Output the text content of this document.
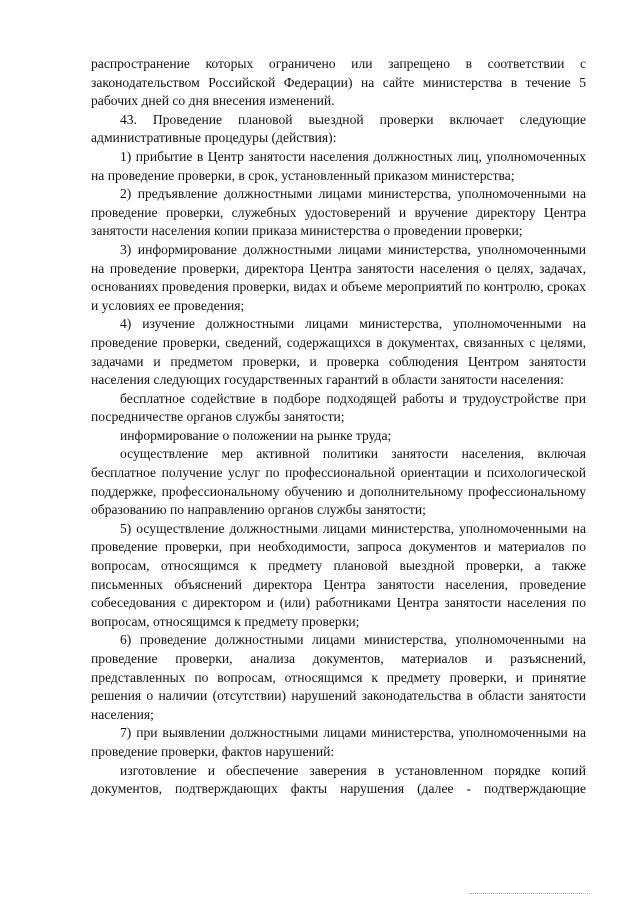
распространение которых ограничено или запрещено в соответствии с законодательством Российской Федерации) на сайте министерства в течение 5 рабочих дней со дня внесения изменений.

43. Проведение плановой выездной проверки включает следующие административные процедуры (действия):

1) прибытие в Центр занятости населения должностных лиц, уполномоченных на проведение проверки, в срок, установленный приказом министерства;

2) предъявление должностными лицами министерства, уполномоченными на проведение проверки, служебных удостоверений и вручение директору Центра занятости населения копии приказа министерства о проведении проверки;

3) информирование должностными лицами министерства, уполномоченными на проведение проверки, директора Центра занятости населения о целях, задачах, основаниях проведения проверки, видах и объеме мероприятий по контролю, сроках и условиях ее проведения;

4) изучение должностными лицами министерства, уполномоченными на проведение проверки, сведений, содержащихся в документах, связанных с целями, задачами и предметом проверки, и проверка соблюдения Центром занятости населения следующих государственных гарантий в области занятости населения:

бесплатное содействие в подборе подходящей работы и трудоустройстве при посредничестве органов службы занятости;

информирование о положении на рынке труда;

осуществление мер активной политики занятости населения, включая бесплатное получение услуг по профессиональной ориентации и психологической поддержке, профессиональному обучению и дополнительному профессиональному образованию по направлению органов службы занятости;

5) осуществление должностными лицами министерства, уполномоченными на проведение проверки, при необходимости, запроса документов и материалов по вопросам, относящимся к предмету плановой выездной проверки, а также письменных объяснений директора Центра занятости населения, проведение собеседования с директором и (или) работниками Центра занятости населения по вопросам, относящимся к предмету проверки;

6) проведение должностными лицами министерства, уполномоченными на проведение проверки, анализа документов, материалов и разъяснений, представленных по вопросам, относящимся к предмету проверки, и принятие решения о наличии (отсутствии) нарушений законодательства в области занятости населения;

7) при выявлении должностными лицами министерства, уполномоченными на проведение проверки, фактов нарушений:

изготовление и обеспечение заверения в установленном порядке копий документов, подтверждающих факты нарушения (далее - подтверждающие
